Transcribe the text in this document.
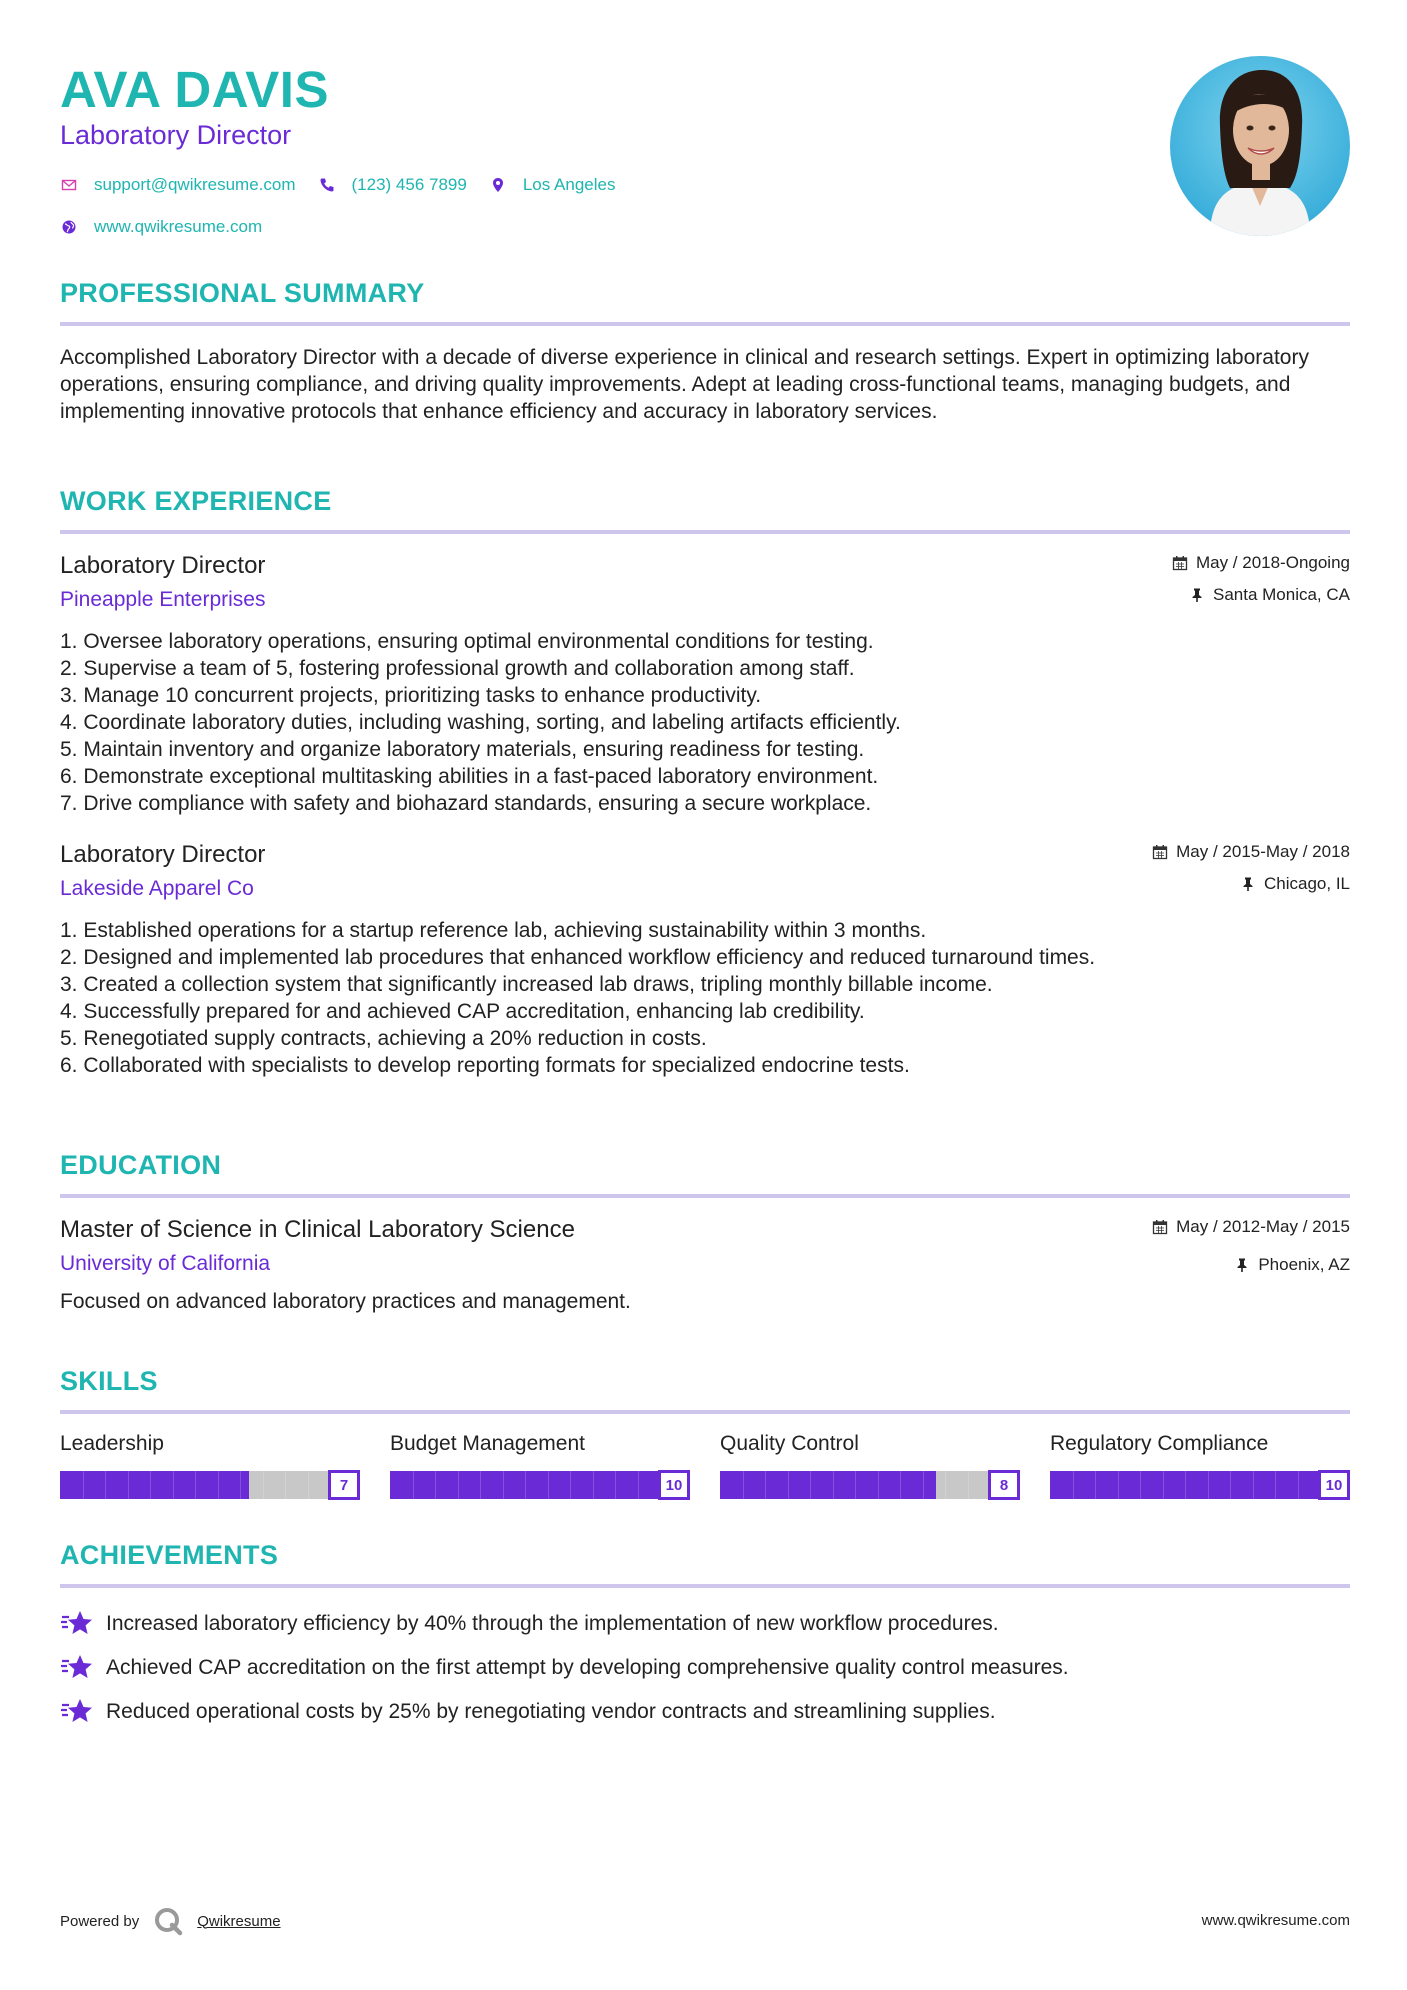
AVA DAVIS
Laboratory Director
support@qwikresume.com	(123) 456 7899	Los Angeles
www.qwikresume.com
PROFESSIONAL SUMMARY
Accomplished Laboratory Director with a decade of diverse experience in clinical and research settings. Expert in optimizing laboratory operations, ensuring compliance, and driving quality improvements. Adept at leading cross-functional teams, managing budgets, and implementing innovative protocols that enhance efficiency and accuracy in laboratory services.
WORK EXPERIENCE
Laboratory Director
Pineapple Enterprises
May / 2018-Ongoing
Santa Monica, CA
1. Oversee laboratory operations, ensuring optimal environmental conditions for testing.
2. Supervise a team of 5, fostering professional growth and collaboration among staff.
3. Manage 10 concurrent projects, prioritizing tasks to enhance productivity.
4. Coordinate laboratory duties, including washing, sorting, and labeling artifacts efficiently.
5. Maintain inventory and organize laboratory materials, ensuring readiness for testing.
6. Demonstrate exceptional multitasking abilities in a fast-paced laboratory environment.
7. Drive compliance with safety and biohazard standards, ensuring a secure workplace.
Laboratory Director
Lakeside Apparel Co
May / 2015-May / 2018
Chicago, IL
1. Established operations for a startup reference lab, achieving sustainability within 3 months.
2. Designed and implemented lab procedures that enhanced workflow efficiency and reduced turnaround times.
3. Created a collection system that significantly increased lab draws, tripling monthly billable income.
4. Successfully prepared for and achieved CAP accreditation, enhancing lab credibility.
5. Renegotiated supply contracts, achieving a 20% reduction in costs.
6. Collaborated with specialists to develop reporting formats for specialized endocrine tests.
EDUCATION
Master of Science in Clinical Laboratory Science
University of California
May / 2012-May / 2015
Phoenix, AZ
Focused on advanced laboratory practices and management.
SKILLS
Leadership
7
Budget Management
10
Quality Control
8
Regulatory Compliance
10
ACHIEVEMENTS
Increased laboratory efficiency by 40% through the implementation of new workflow procedures.
Achieved CAP accreditation on the first attempt by developing comprehensive quality control measures.
Reduced operational costs by 25% by renegotiating vendor contracts and streamlining supplies.
Powered by	Qwikresume	www.qwikresume.com
